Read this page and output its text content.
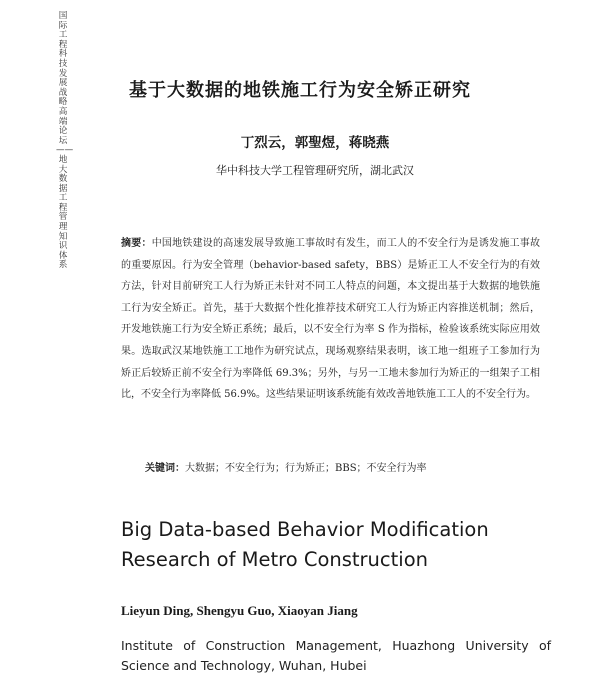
国际工程科技发展战略高端论坛——地大数据工程管理知识体系
基于大数据的地铁施工行为安全矫正研究
丁烈云，郭聖煜，蒋晓燕
华中科技大学工程管理研究所，湖北武汉
摘要：中国地铁建设的高速发展导致施工事故时有发生，而工人的不安全行为是诱发施工事故的重要原因。行为安全管理（behavior-based safety，BBS）是矫正工人不安全行为的有效方法，针对目前研究工人行为矫正未针对不同工人特点的问题，本文提出基于大数据的地铁施工行为安全矫正。首先，基于大数据个性化推荐技术研究工人行为矫正内容推送机制；然后，开发地铁施工行为安全矫正系统；最后，以不安全行为率 S 作为指标，检验该系统实际应用效果。选取武汉某地铁施工工地作为研究试点，现场观察结果表明，该工地一组班子工参加行为矫正后较矫正前不安全行为率降低 69.3%；另外，与另一工地未参加行为矫正的一组架子工相比，不安全行为率降低 56.9%。这些结果证明该系统能有效改善地铁施工工人的不安全行为。
关键词：大数据；不安全行为；行为矫正；BBS；不安全行为率
Big Data-based Behavior Modification Research of Metro Construction
Lieyun Ding, Shengyu Guo, Xiaoyan Jiang
Institute of Construction Management, Huazhong University of Science and Technology, Wuhan, Hubei
